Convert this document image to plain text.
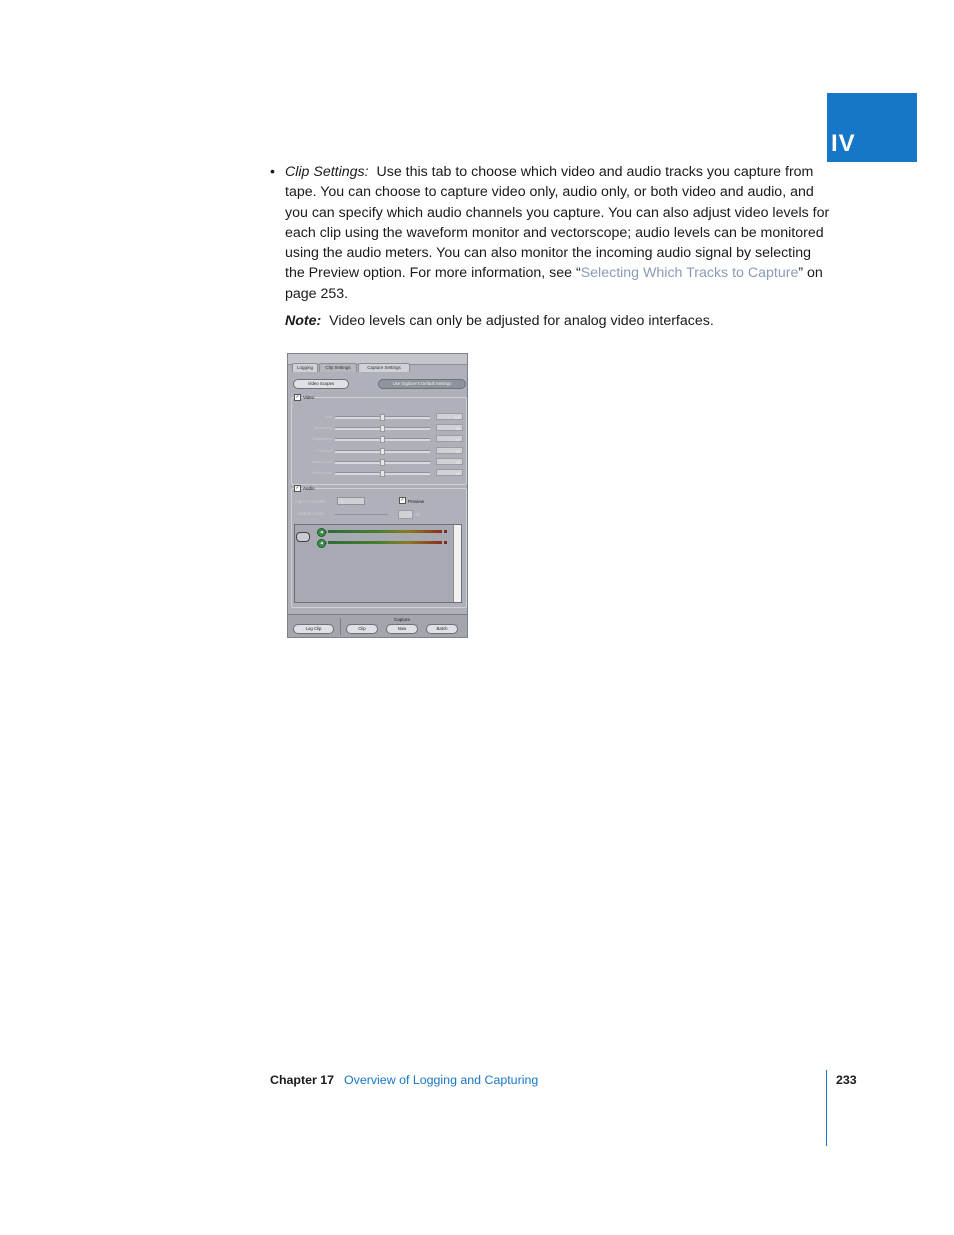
IV
• Clip Settings: Use this tab to choose which video and audio tracks you capture from tape. You can choose to capture video only, audio only, or both video and audio, and you can specify which audio channels you capture. You can also adjust video levels for each clip using the waveform monitor and vectorscope; audio levels can be monitored using the audio meters. You can also monitor the incoming audio signal by selecting the Preview option. For more information, see “Selecting Which Tracks to Capture” on page 253.
Note: Video levels can only be adjusted for analog video interfaces.
Logging	Clip Settings	Capture Settings
Video Scopes	Use Digitizer's Default Settings
✓ Video
Hue	100
Saturation	50
Brightness	50
Contrast	50
Black Level	50
White Level	50
✓ Audio
Input Channels	2	✓ Preview
Output Level	0 dB
◀
◀
1
2
Capture
Log Clip	Clip	Now	Batch
Chapter 17 Overview of Logging and Capturing	233
